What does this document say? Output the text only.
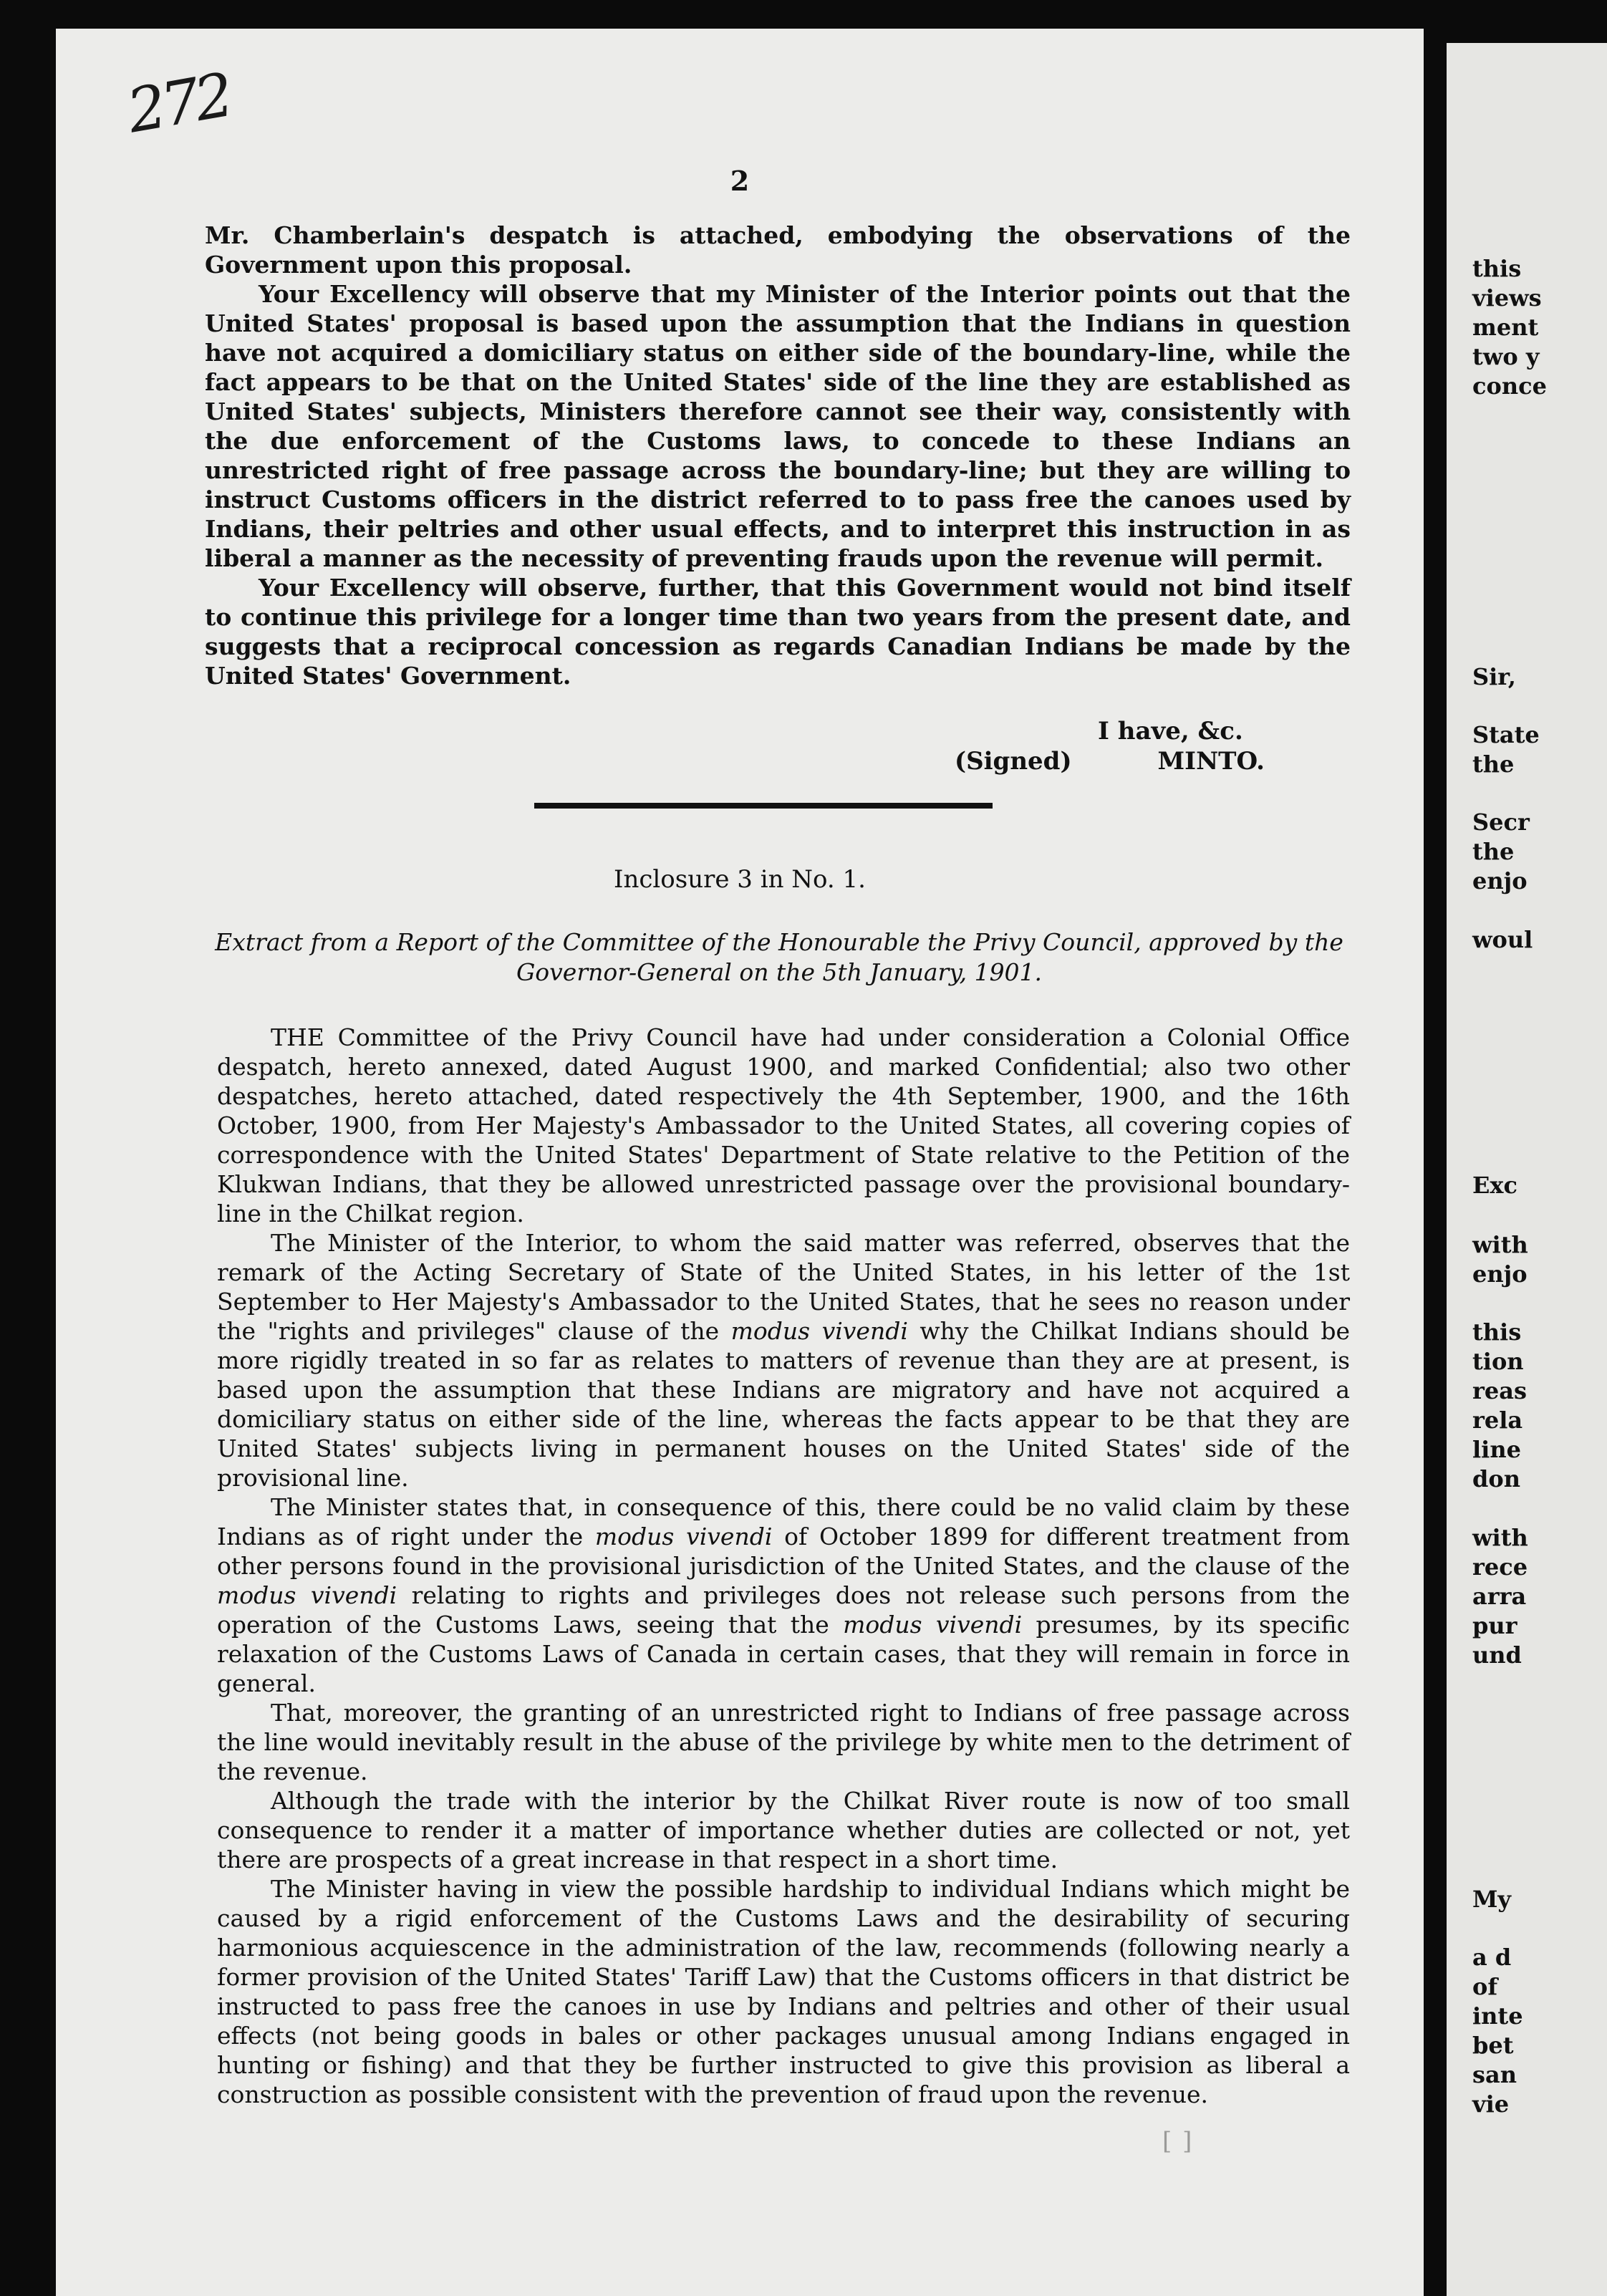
272
2

Mr. Chamberlain's despatch is attached, embodying the observations of the Government upon this proposal.

Your Excellency will observe that my Minister of the Interior points out that the United States' proposal is based upon the assumption that the Indians in question have not acquired a domiciliary status on either side of the boundary-line, while the fact appears to be that on the United States' side of the line they are established as United States' subjects, Ministers therefore cannot see their way, consistently with the due enforcement of the Customs laws, to concede to these Indians an unrestricted right of free passage across the boundary-line; but they are willing to instruct Customs officers in the district referred to to pass free the canoes used by Indians, their peltries and other usual effects, and to interpret this instruction in as liberal a manner as the necessity of preventing frauds upon the revenue will permit.

Your Excellency will observe, further, that this Government would not bind itself to continue this privilege for a longer time than two years from the present date, and suggests that a reciprocal concession as regards Canadian Indians be made by the United States' Government.

I have, &c.
(Signed)	MINTO.
Inclosure 3 in No. 1.
Extract from a Report of the Committee of the Honourable the Privy Council, approved by the Governor-General on the 5th January, 1901.

THE Committee of the Privy Council have had under consideration a Colonial Office despatch, hereto annexed, dated August 1900, and marked Confidential; also two other despatches, hereto attached, dated respectively the 4th September, 1900, and the 16th October, 1900, from Her Majesty's Ambassador to the United States, all covering copies of correspondence with the United States' Department of State relative to the Petition of the Klukwan Indians, that they be allowed unrestricted passage over the provisional boundary-line in the Chilkat region.

The Minister of the Interior, to whom the said matter was referred, observes that the remark of the Acting Secretary of State of the United States, in his letter of the 1st September to Her Majesty's Ambassador to the United States, that he sees no reason under the "rights and privileges" clause of the modus vivendi why the Chilkat Indians should be more rigidly treated in so far as relates to matters of revenue than they are at present, is based upon the assumption that these Indians are migratory and have not acquired a domiciliary status on either side of the line, whereas the facts appear to be that they are United States' subjects living in permanent houses on the United States' side of the provisional line.

The Minister states that, in consequence of this, there could be no valid claim by these Indians as of right under the modus vivendi of October 1899 for different treatment from other persons found in the provisional jurisdiction of the United States, and the clause of the modus vivendi relating to rights and privileges does not release such persons from the operation of the Customs Laws, seeing that the modus vivendi presumes, by its specific relaxation of the Customs Laws of Canada in certain cases, that they will remain in force in general.

That, moreover, the granting of an unrestricted right to Indians of free passage across the line would inevitably result in the abuse of the privilege by white men to the detriment of the revenue.

Although the trade with the interior by the Chilkat River route is now of too small consequence to render it a matter of importance whether duties are collected or not, yet there are prospects of a great increase in that respect in a short time.

The Minister having in view the possible hardship to individual Indians which might be caused by a rigid enforcement of the Customs Laws and the desirability of securing harmonious acquiescence in the administration of the law, recommends (following nearly a former provision of the United States' Tariff Law) that the Customs officers in that district be instructed to pass free the canoes in use by Indians and peltries and other of their usual effects (not being goods in bales or other packages unusual among Indians engaged in hunting or fishing) and that they be further instructed to give this provision as liberal a construction as possible consistent with the prevention of fraud upon the revenue.

[ ]
this
views
ment
two y
conce
Sir,
State
the
Secr
the
enjo
woul
Exc
with
enjo
this
tion
reas
rela
line
don
with
rece
arra
pur
und
My
a d
of
inte
bet
san
vie
